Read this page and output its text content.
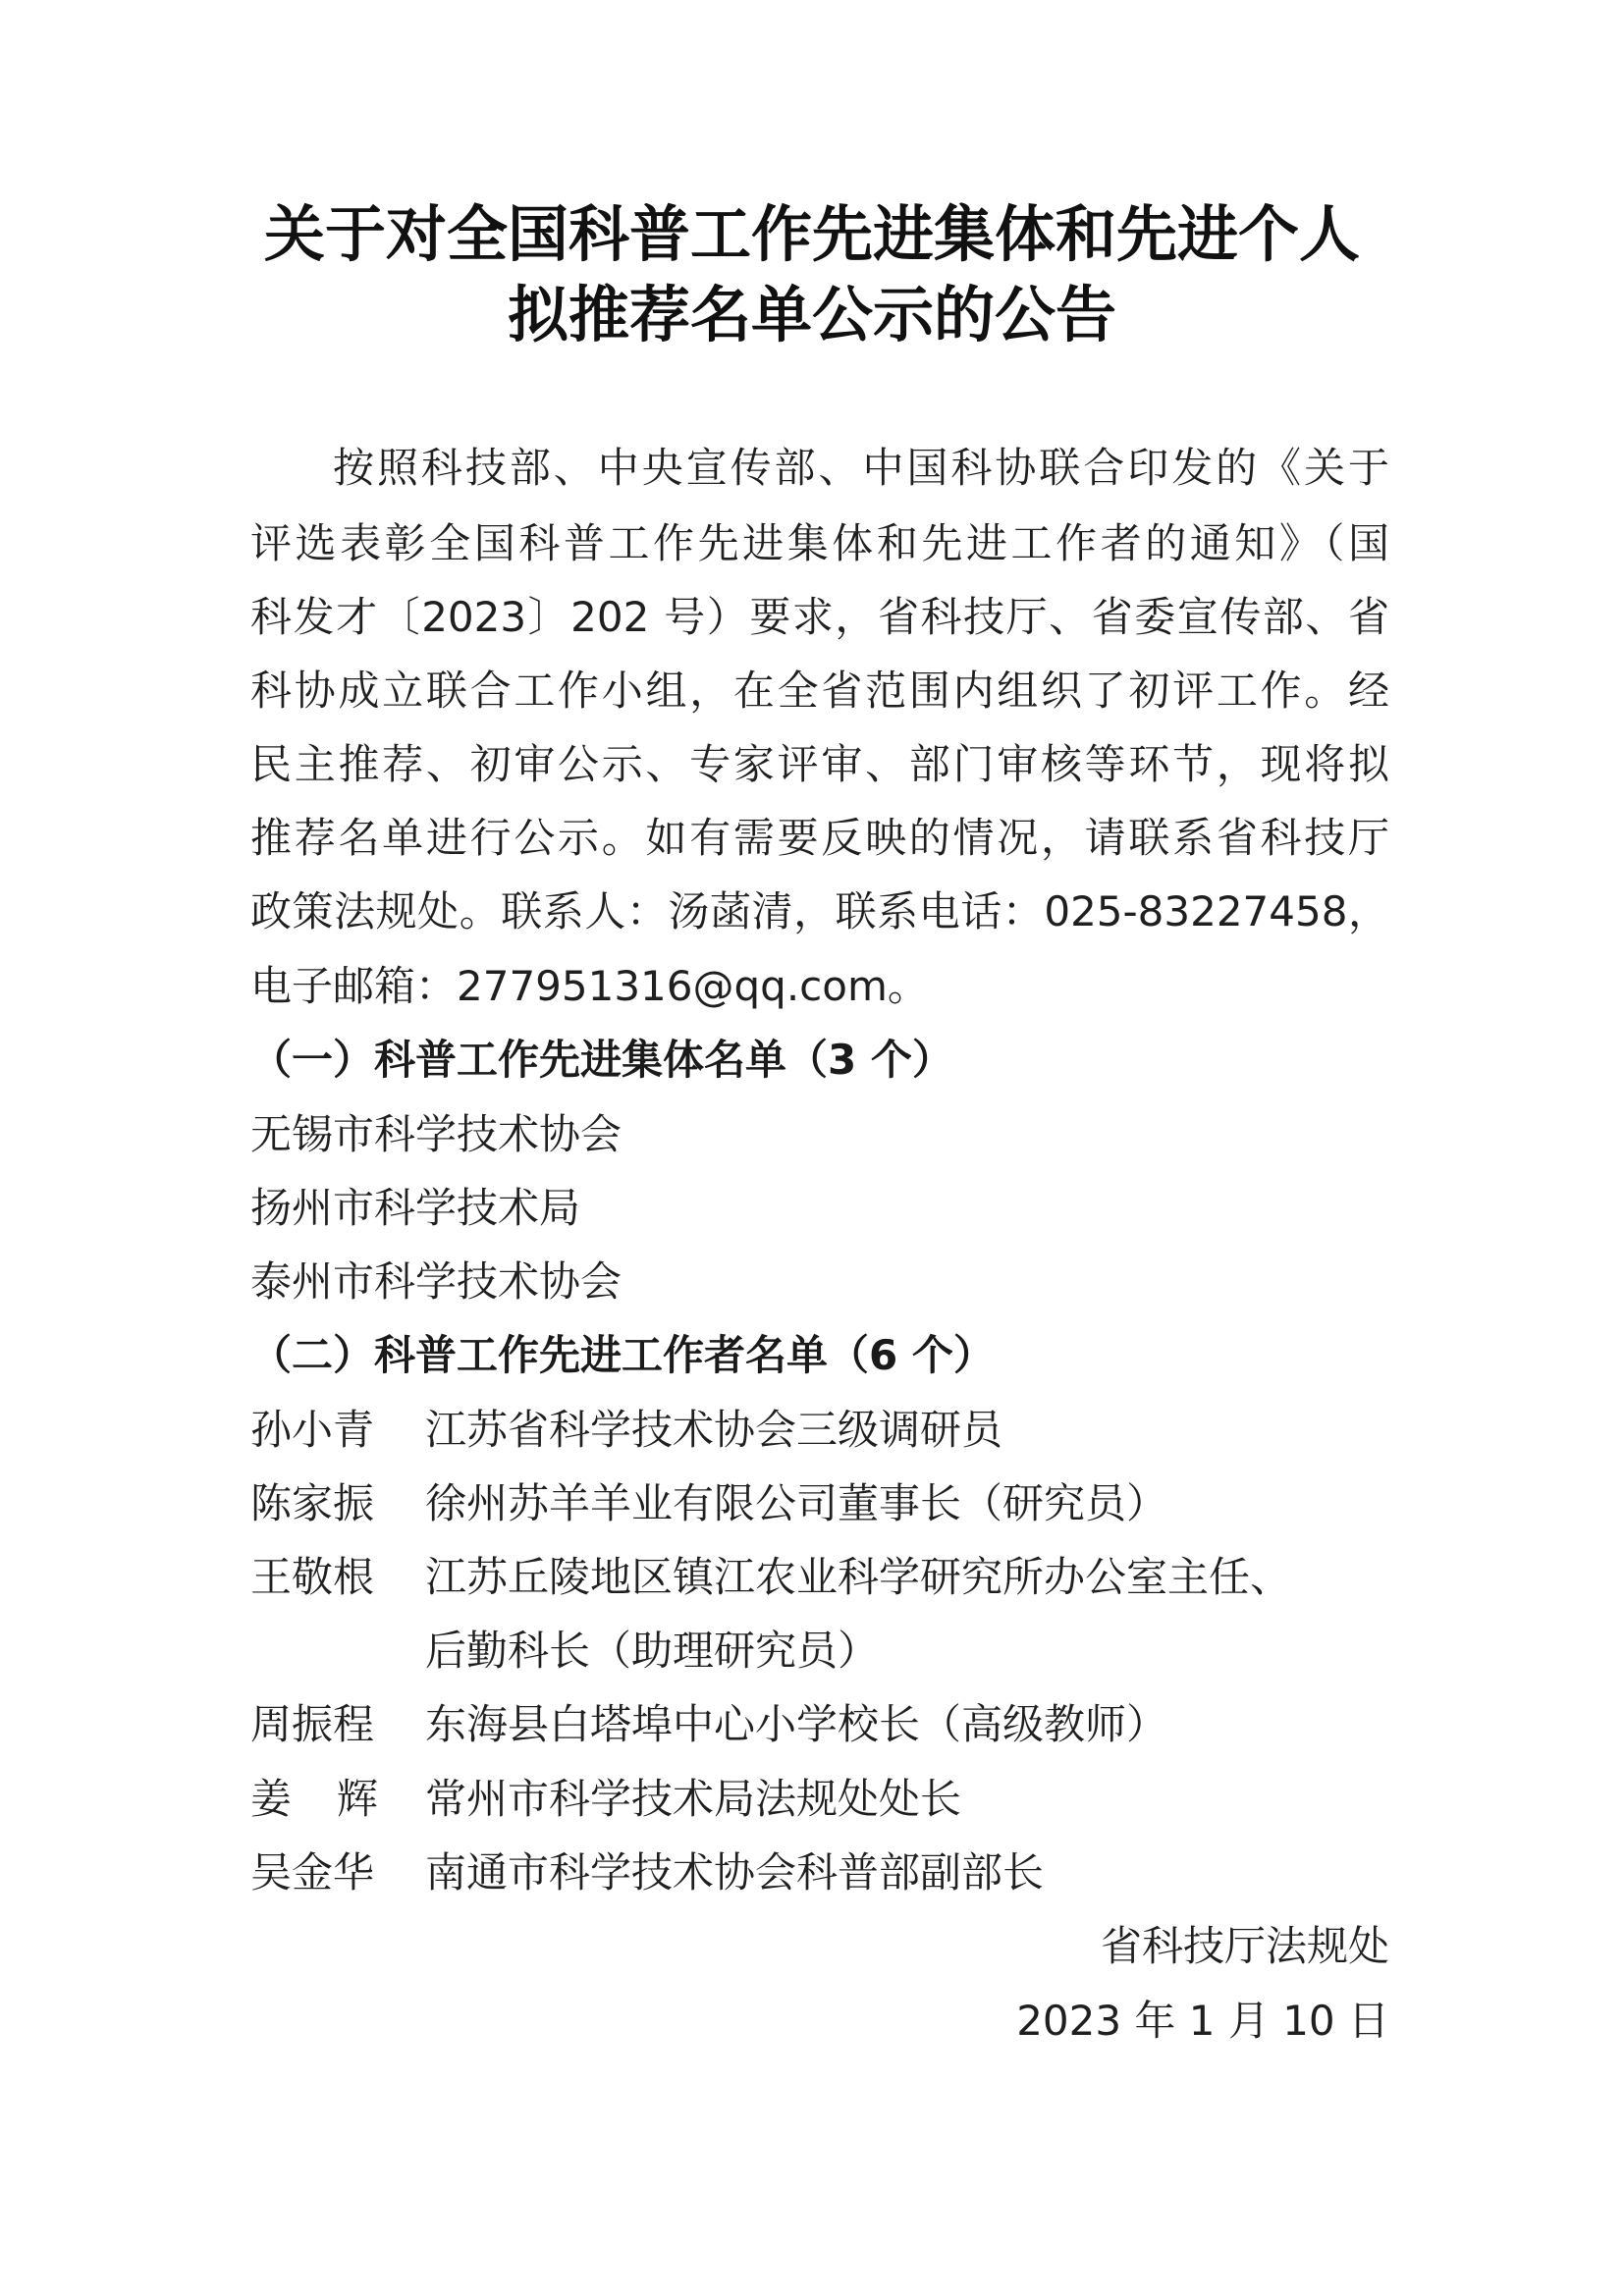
关于对全国科普工作先进集体和先进个人
拟推荐名单公示的公告
按照科技部、中央宣传部、中国科协联合印发的《关于
评选表彰全国科普工作先进集体和先进工作者的通知》（国
科发才〔2023〕202 号）要求，省科技厅、省委宣传部、省
科协成立联合工作小组，在全省范围内组织了初评工作。经
民主推荐、初审公示、专家评审、部门审核等环节，现将拟
推荐名单进行公示。如有需要反映的情况，请联系省科技厅
政策法规处。联系人：汤菡清，联系电话：025-83227458，
电子邮箱：277951316@qq.com。
（一）科普工作先进集体名单（3 个）
无锡市科学技术协会
扬州市科学技术局
泰州市科学技术协会
（二）科普工作先进工作者名单（6 个）
孙小青 江苏省科学技术协会三级调研员
陈家振 徐州苏羊羊业有限公司董事长（研究员）
王敬根 江苏丘陵地区镇江农业科学研究所办公室主任、
后勤科长（助理研究员）
周振程 东海县白塔埠中心小学校长（高级教师）
姜辉 常州市科学技术局法规处处长
吴金华 南通市科学技术协会科普部副部长
省科技厅法规处
2023 年 1 月 10 日
